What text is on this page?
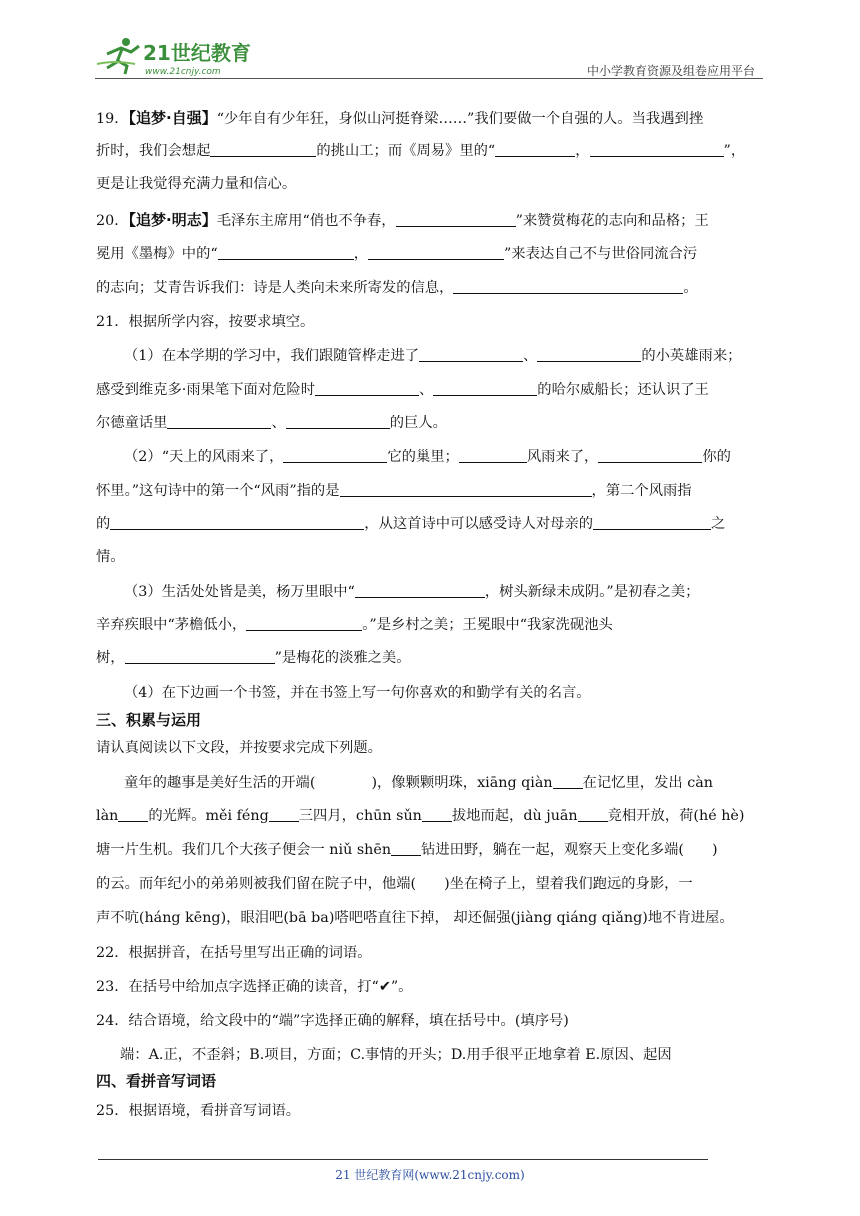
21世纪教育
www.21cnjy.com	中小学教育资源及组卷应用平台
19．【追梦·自强】“少年自有少年狂，身似山河挺脊梁……”我们要做一个自强的人。当我遇到挫
折时，我们会想起	的挑山工；而《周易》里的“	，	”，
更是让我觉得充满力量和信心。
20．【追梦·明志】毛泽东主席用“俏也不争春，	”来赞赏梅花的志向和品格；王
冕用《墨梅》中的“	，	”来表达自己不与世俗同流合污
的志向；艾青告诉我们：诗是人类向未来所寄发的信息，	。
21．根据所学内容，按要求填空。
（1）在本学期的学习中，我们跟随管桦走进了	、	的小英雄雨来；
感受到维克多·雨果笔下面对危险时	、	的哈尔威船长；还认识了王
尔德童话里	、	的巨人。
（2）“天上的风雨来了，	它的巢里；	风雨来了，	你的
怀里。”这句诗中的第一个“风雨”指的是	，第二个风雨指
的	，从这首诗中可以感受诗人对母亲的	之
情。
（3）生活处处皆是美，杨万里眼中“	，树头新绿未成阴。”是初春之美；
辛弃疾眼中“茅檐低小，	。”是乡村之美；王冕眼中“我家洗砚池头
树，	”是梅花的淡雅之美。
（4）在下边画一个书签，并在书签上写一句你喜欢的和勤学有关的名言。
三、积累与运用
请认真阅读以下文段，并按要求完成下列题。
童年的趣事是美好生活的开端(	)，像颗颗明珠，xiāng qiàn 在记忆里，发出 càn
làn 的光辉。měi féng 三四月，chūn sǔn 拔地而起，dù juān 竞相开放，荷(hé hè)
塘一片生机。我们几个大孩子便会一 niǔ shēn 钻进田野，躺在一起，观察天上变化多端( )
的云。而年纪小的弟弟则被我们留在院子中，他端( )坐在椅子上，望着我们跑远的身影，一
声不吭(háng kēng)，眼泪吧(bā ba)嗒吧嗒直往下掉， 却还倔强(jiàng qiáng qiǎng)地不肯进屋。
22．根据拼音，在括号里写出正确的词语。
23．在括号中给加点字选择正确的读音，打“✔”。
24．结合语境，给文段中的“端”字选择正确的解释，填在括号中。(填序号)
端：A.正，不歪斜；B.项目，方面；C.事情的开头；D.用手很平正地拿着 E.原因、起因
四、看拼音写词语
25．根据语境，看拼音写词语。
21 世纪教育网(www.21cnjy.com)
